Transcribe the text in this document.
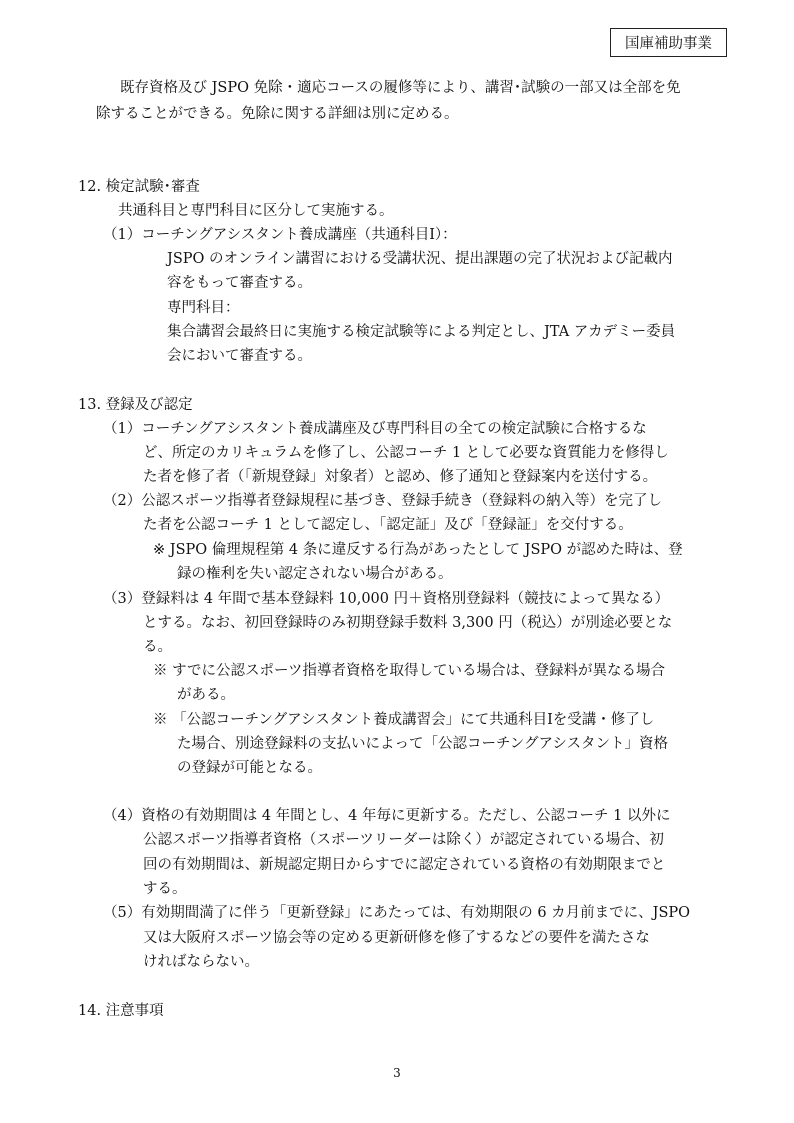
国庫補助事業
既存資格及び JSPO 免除・適応コースの履修等により、講習･試験の一部又は全部を免
除することができる。免除に関する詳細は別に定める。
12. 検定試験･審査
共通科目と専門科目に区分して実施する。
（1）コーチングアシスタント養成講座（共通科目Ⅰ）：
JSPO のオンライン講習における受講状況、提出課題の完了状況および記載内
容をもって審査する。
専門科目：
集合講習会最終日に実施する検定試験等による判定とし、JTA アカデミー委員
会において審査する。
13. 登録及び認定
（1）コーチングアシスタント養成講座及び専門科目の全ての検定試験に合格するな
ど、所定のカリキュラムを修了し、公認コーチ 1 として必要な資質能力を修得し
た者を修了者（「新規登録」対象者）と認め、修了通知と登録案内を送付する。
（2）公認スポーツ指導者登録規程に基づき、登録手続き（登録料の納入等）を完了し
た者を公認コーチ 1 として認定し、「認定証」及び「登録証」を交付する。
※ JSPO 倫理規程第 4 条に違反する行為があったとして JSPO が認めた時は、登
録の権利を失い認定されない場合がある。
（3）登録料は 4 年間で基本登録料 10,000 円＋資格別登録料（競技によって異なる）
とする。なお、初回登録時のみ初期登録手数料 3,300 円（税込）が別途必要とな
る。
※ すでに公認スポーツ指導者資格を取得している場合は、登録料が異なる場合
がある。
※ 「公認コーチングアシスタント養成講習会」にて共通科目Ⅰを受講・修了し
た場合、別途登録料の支払いによって「公認コーチングアシスタント」資格
の登録が可能となる。
（4）資格の有効期間は 4 年間とし、4 年毎に更新する。ただし、公認コーチ 1 以外に
公認スポーツ指導者資格（スポーツリーダーは除く）が認定されている場合、初
回の有効期間は、新規認定期日からすでに認定されている資格の有効期限までと
する。
（5）有効期間満了に伴う「更新登録」にあたっては、有効期限の 6 カ月前までに、JSPO
又は大阪府スポーツ協会等の定める更新研修を修了するなどの要件を満たさな
ければならない。
14. 注意事項
3
